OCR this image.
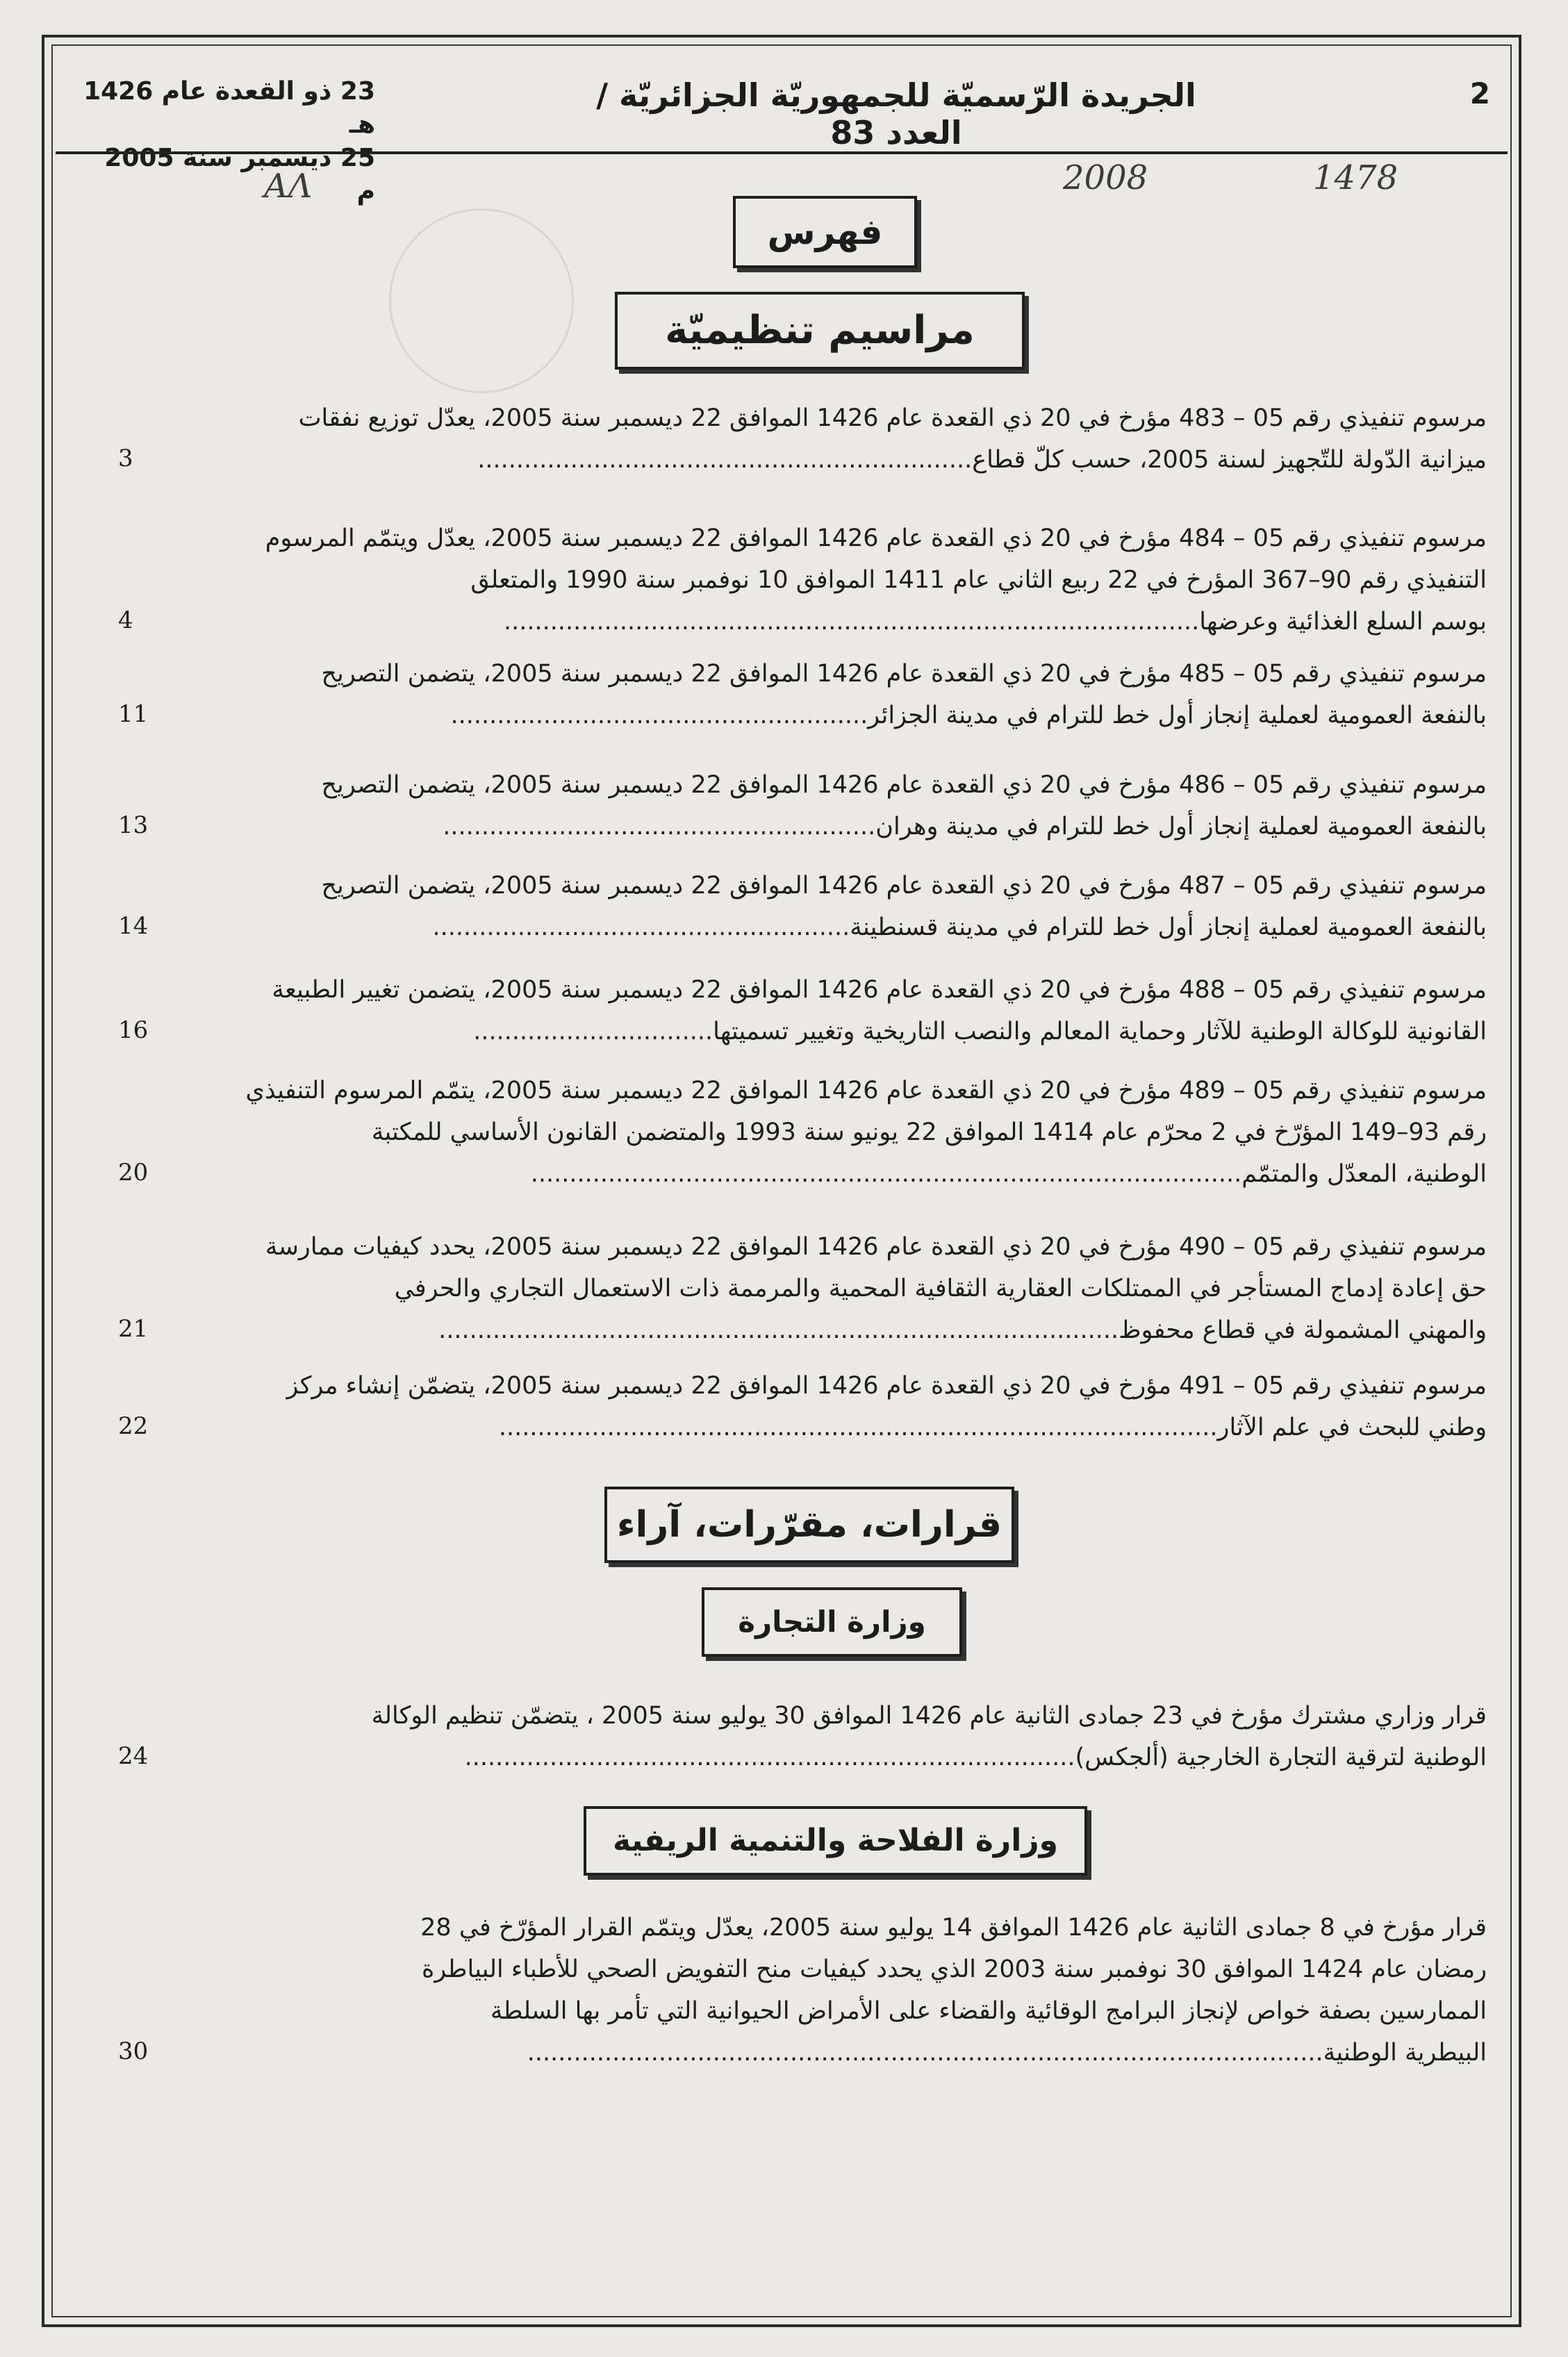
2
الجريدة الرّسميّة للجمهوريّة الجزائريّة / العدد 83
23 ذو القعدة عام 1426 هـ
25 ديسمبر سنة 2005 م
ΑΛ	2008	1478
فهرس
مراسيم تنظيميّة
قرارات، مقرّرات، آراء
وزارة التجارة
وزارة الفلاحة والتنمية الريفية
مرسوم تنفيذي رقم 05 – 483 مؤرخ في 20 ذي القعدة عام 1426 الموافق 22 ديسمبر سنة 2005، يعدّل توزيع نفقات
ميزانية الدّولة للتّجهيز لسنة 2005، حسب كلّ قطاع................................................................
3
مرسوم تنفيذي رقم 05 – 484 مؤرخ في 20 ذي القعدة عام 1426 الموافق 22 ديسمبر سنة 2005، يعدّل ويتمّم المرسوم
التنفيذي رقم 90–367 المؤرخ في 22 ربيع الثاني عام 1411 الموافق 10 نوفمبر سنة 1990 والمتعلق
بوسم السلع الغذائية وعرضها..........................................................................................
4
مرسوم تنفيذي رقم 05 – 485 مؤرخ في 20 ذي القعدة عام 1426 الموافق 22 ديسمبر سنة 2005، يتضمن التصريح
بالنفعة العمومية لعملية إنجاز أول خط للترام في مدينة الجزائر......................................................
11
مرسوم تنفيذي رقم 05 – 486 مؤرخ في 20 ذي القعدة عام 1426 الموافق 22 ديسمبر سنة 2005، يتضمن التصريح
بالنفعة العمومية لعملية إنجاز أول خط للترام في مدينة وهران........................................................
13
مرسوم تنفيذي رقم 05 – 487 مؤرخ في 20 ذي القعدة عام 1426 الموافق 22 ديسمبر سنة 2005، يتضمن التصريح
بالنفعة العمومية لعملية إنجاز أول خط للترام في مدينة قسنطينة......................................................
14
مرسوم تنفيذي رقم 05 – 488 مؤرخ في 20 ذي القعدة عام 1426 الموافق 22 ديسمبر سنة 2005، يتضمن تغيير الطبيعة
القانونية للوكالة الوطنية للآثار وحماية المعالم والنصب التاريخية وتغيير تسميتها...............................
16
مرسوم تنفيذي رقم 05 – 489 مؤرخ في 20 ذي القعدة عام 1426 الموافق 22 ديسمبر سنة 2005، يتمّم المرسوم التنفيذي
رقم 93–149 المؤرّخ في 2 محرّم عام 1414 الموافق 22 يونيو سنة 1993 والمتضمن القانون الأساسي للمكتبة
الوطنية، المعدّل والمتمّم............................................................................................
20
مرسوم تنفيذي رقم 05 – 490 مؤرخ في 20 ذي القعدة عام 1426 الموافق 22 ديسمبر سنة 2005، يحدد كيفيات ممارسة
حق إعادة إدماج المستأجر في الممتلكات العقارية الثقافية المحمية والمرممة ذات الاستعمال التجاري والحرفي
والمهني المشمولة في قطاع محفوظ........................................................................................
21
مرسوم تنفيذي رقم 05 – 491 مؤرخ في 20 ذي القعدة عام 1426 الموافق 22 ديسمبر سنة 2005، يتضمّن إنشاء مركز
وطني للبحث في علم الآثار.............................................................................................
22
قرار وزاري مشترك مؤرخ في 23 جمادى الثانية عام 1426 الموافق 30 يوليو سنة 2005 ، يتضمّن تنظيم الوكالة
الوطنية لترقية التجارة الخارجية (ألجكس)...............................................................................
24
قرار مؤرخ في 8 جمادى الثانية عام 1426 الموافق 14 يوليو سنة 2005، يعدّل ويتمّم القرار المؤرّخ في 28
رمضان عام 1424 الموافق 30 نوفمبر سنة 2003 الذي يحدد كيفيات منح التفويض الصحي للأطباء البياطرة
الممارسين بصفة خواص لإنجاز البرامج الوقائية والقضاء على الأمراض الحيوانية التي تأمر بها السلطة
البيطرية الوطنية.......................................................................................................
30
